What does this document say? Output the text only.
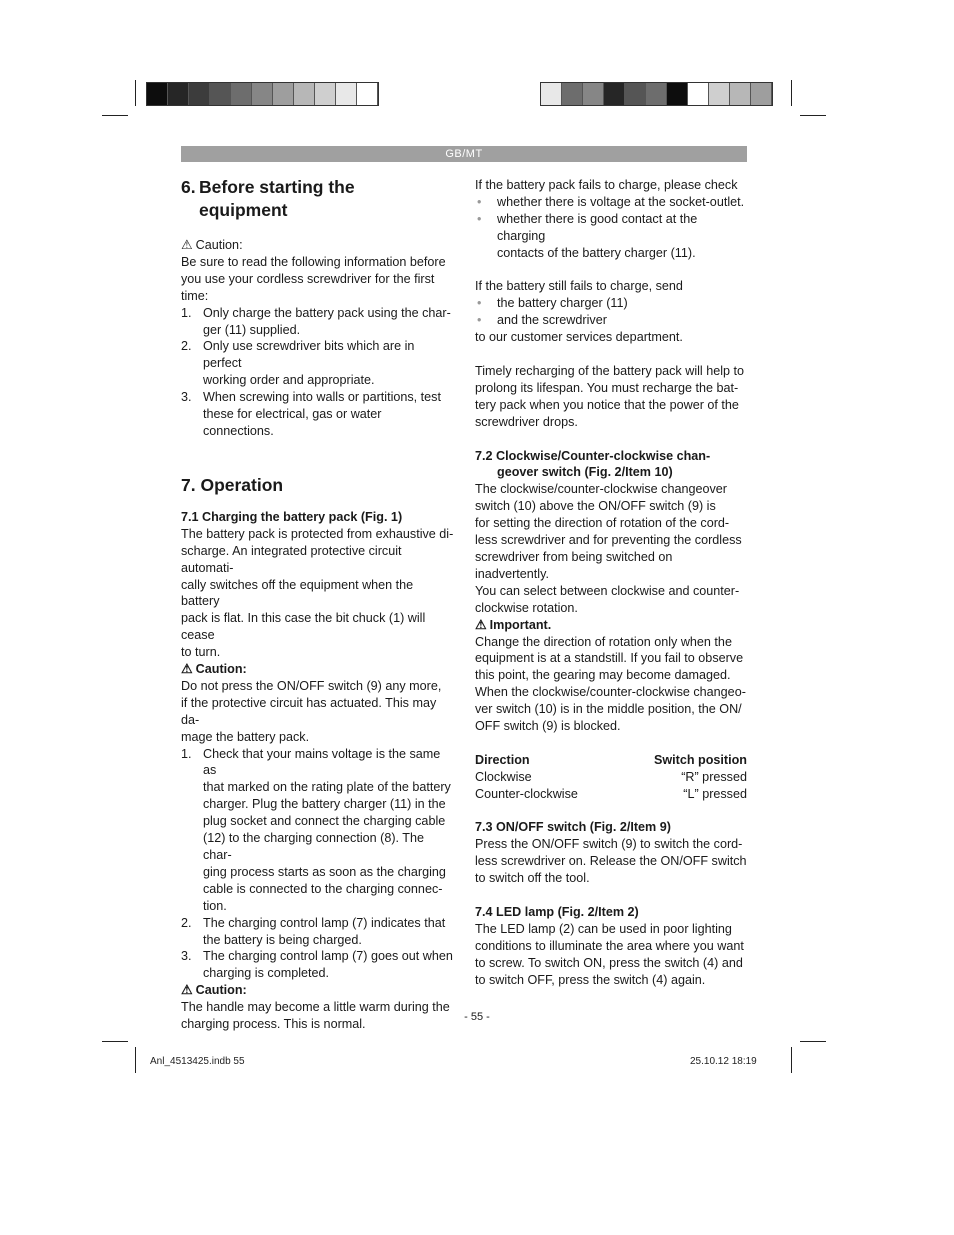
GB/MT
6. Before starting the
equipment

⚠ Caution:

Be sure to read the following information before
you use your cordless screwdriver for the first time:

1. Only charge the battery pack using the char-
ger (11) supplied.
2. Only use screwdriver bits which are in perfect
working order and appropriate.
3. When screwing into walls or partitions, test
these for electrical, gas or water connections.
7. Operation
7.1 Charging the battery pack (Fig. 1)

The battery pack is protected from exhaustive di-
scharge. An integrated protective circuit automati-
cally switches off the equipment when the battery
pack is flat. In this case the bit chuck (1) will cease
to turn.

⚠ Caution:

Do not press the ON/OFF switch (9) any more,
if the protective circuit has actuated. This may da-
mage the battery pack.

1. Check that your mains voltage is the same as
that marked on the rating plate of the battery
charger. Plug the battery charger (11) in the
plug socket and connect the charging cable
(12) to the charging connection (8). The char-
ging process starts as soon as the charging
cable is connected to the charging connec-
tion.
2. The charging control lamp (7) indicates that
the battery is being charged.
3. The charging control lamp (7) goes out when
charging is completed.

⚠ Caution:

The handle may become a little warm during the
charging process. This is normal.

If the battery pack fails to charge, please check

• whether there is voltage at the socket-outlet.
• whether there is good contact at the charging
contacts of the battery charger (11).

If the battery still fails to charge, send

• the battery charger (11)
• and the screwdriver

to our customer services department.

Timely recharging of the battery pack will help to
prolong its lifespan. You must recharge the bat-
tery pack when you notice that the power of the
screwdriver drops.

7.2 Clockwise/Counter-clockwise chan-
geover switch (Fig. 2/Item 10)

The clockwise/counter-clockwise changeover
switch (10) above the ON/OFF switch (9) is
for setting the direction of rotation of the cord-
less screwdriver and for preventing the cordless
screwdriver from being switched on inadvertently.
You can select between clockwise and counter-
clockwise rotation.

⚠ Important.

Change the direction of rotation only when the
equipment is at a standstill. If you fail to observe
this point, the gearing may become damaged.
When the clockwise/counter-clockwise changeo-
ver switch (10) is in the middle position, the ON/
OFF switch (9) is blocked.

Direction	Switch position
Clockwise	“R” pressed
Counter-clockwise	“L” pressed
7.3 ON/OFF switch (Fig. 2/Item 9)

Press the ON/OFF switch (9) to switch the cord-
less screwdriver on. Release the ON/OFF switch
to switch off the tool.

7.4 LED lamp (Fig. 2/Item 2)

The LED lamp (2) can be used in poor lighting
conditions to illuminate the area where you want
to screw. To switch ON, press the switch (4) and
to switch OFF, press the switch (4) again.

- 55 -
Anl_4513425.indb 55	25.10.12 18:19
